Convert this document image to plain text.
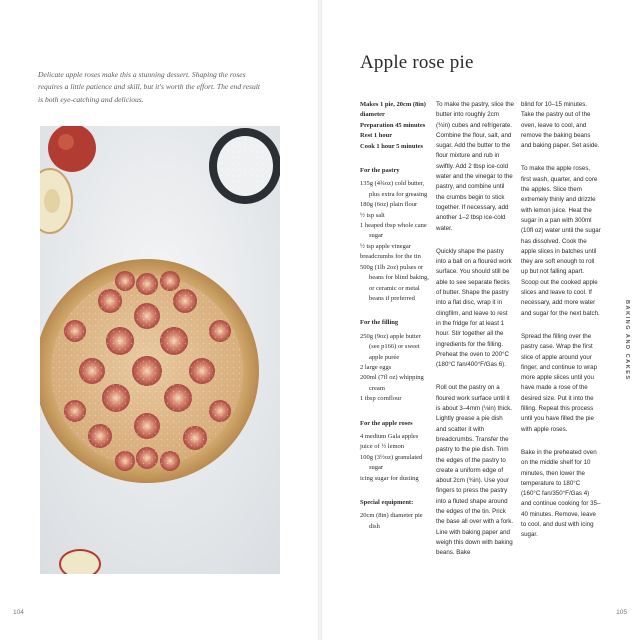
Delicate apple roses make this a stunning dessert. Shaping the roses requires a little patience and skill, but it's worth the effort. The end result is both eye-catching and delicious.

104
Apple rose pie

Makes 1 pie, 20cm (8in) diameter

Preparation 45 minutes

Rest 1 hour

Cook 1 hour 5 minutes

For the pastry

135g (4¾oz) cold butter, plus extra for greasing

180g (6oz) plain flour

½ tsp salt

1 heaped tbsp whole cane sugar

½ tsp apple vinegar

breadcrumbs for the tin

500g (1lb 2oz) pulses or beans for blind baking, or ceramic or metal beans if preferred

For the filling

250g (9oz) apple butter (see p166) or sweet apple purée

2 large eggs

200ml (7fl oz) whipping cream

1 tbsp cornflour

For the apple roses

4 medium Gala apples

juice of ½ lemon

100g (3½oz) granulated sugar

icing sugar for dusting

Special equipment:

20cm (8in) diameter pie dish

To make the pastry, slice the butter into roughly 2cm (¾in) cubes and refrigerate. Combine the flour, salt, and sugar. Add the butter to the flour mixture and rub in swiftly. Add 2 tbsp ice-cold water and the vinegar to the pastry, and combine until the crumbs begin to stick together. If necessary, add another 1–2 tbsp ice-cold water.

Quickly shape the pastry into a ball on a floured work surface. You should still be able to see separate flecks of butter. Shape the pastry into a flat disc, wrap it in clingfilm, and leave to rest in the fridge for at least 1 hour. Stir together all the ingredients for the filling. Preheat the oven to 200°C (180°C fan/400°F/Gas 6).

Roll out the pastry on a floured work surface until it is about 3–4mm (⅛in) thick. Lightly grease a pie dish and scatter it with breadcrumbs. Transfer the pastry to the pie dish. Trim the edges of the pastry to create a uniform edge of about 2cm (¾in). Use your fingers to press the pastry into a fluted shape around the edges of the tin. Prick the base all over with a fork. Line with baking paper and weigh this down with baking beans. Bake

blind for 10–15 minutes. Take the pastry out of the oven, leave to cool, and remove the baking beans and baking paper. Set aside.

To make the apple roses, first wash, quarter, and core the apples. Slice them extremely thinly and drizzle with lemon juice. Heat the sugar in a pan with 300ml (10fl oz) water until the sugar has dissolved. Cook the apple slices in batches until they are soft enough to roll up but not falling apart. Scoop out the cooked apple slices and leave to cool. If necessary, add more water and sugar for the next batch.

Spread the filling over the pastry case. Wrap the first slice of apple around your finger, and continue to wrap more apple slices until you have made a rose of the desired size. Put it into the filling. Repeat this process until you have filled the pie with apple roses.

Bake in the preheated oven on the middle shelf for 10 minutes, then lower the temperature to 180°C (160°C fan/350°F/Gas 4) and continue cooking for 35–40 minutes. Remove, leave to cool, and dust with icing sugar.

BAKING AND CAKES
105
